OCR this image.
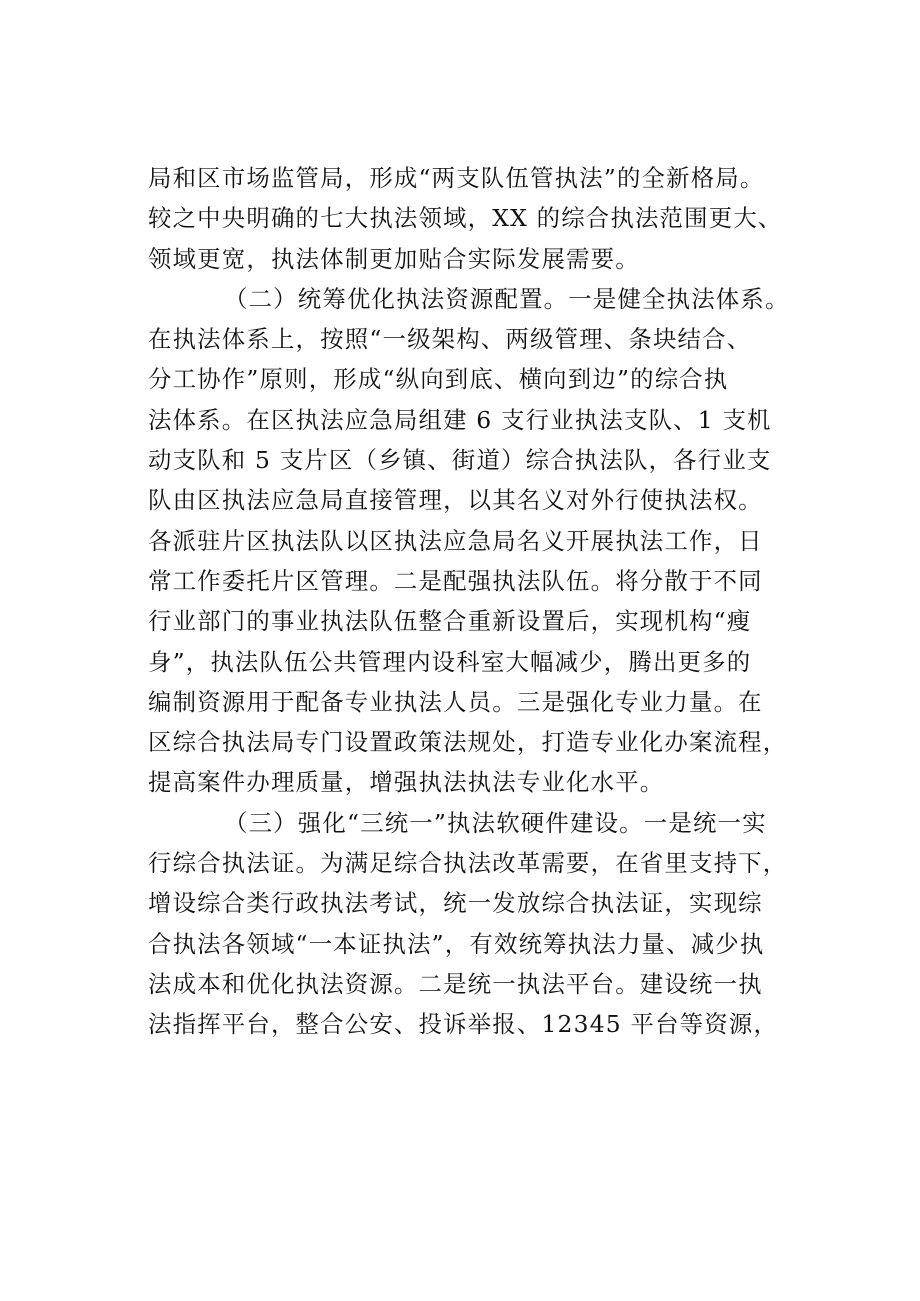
局和区市场监管局，形成“两支队伍管执法”的全新格局。
较之中央明确的七大执法领域，XX 的综合执法范围更大、
领域更宽，执法体制更加贴合实际发展需要。
（二）统筹优化执法资源配置。一是健全执法体系。
在执法体系上，按照“一级架构、两级管理、条块结合、
分工协作”原则，形成“纵向到底、横向到边”的综合执
法体系。在区执法应急局组建 6 支行业执法支队、1 支机
动支队和 5 支片区（乡镇、街道）综合执法队，各行业支
队由区执法应急局直接管理，以其名义对外行使执法权。
各派驻片区执法队以区执法应急局名义开展执法工作，日
常工作委托片区管理。二是配强执法队伍。将分散于不同
行业部门的事业执法队伍整合重新设置后，实现机构“瘦
身”，执法队伍公共管理内设科室大幅减少，腾出更多的
编制资源用于配备专业执法人员。三是强化专业力量。在
区综合执法局专门设置政策法规处，打造专业化办案流程，
提高案件办理质量，增强执法执法专业化水平。
（三）强化“三统一”执法软硬件建设。一是统一实
行综合执法证。为满足综合执法改革需要，在省里支持下，
增设综合类行政执法考试，统一发放综合执法证，实现综
合执法各领域“一本证执法”，有效统筹执法力量、减少执
法成本和优化执法资源。二是统一执法平台。建设统一执
法指挥平台，整合公安、投诉举报、12345 平台等资源，
